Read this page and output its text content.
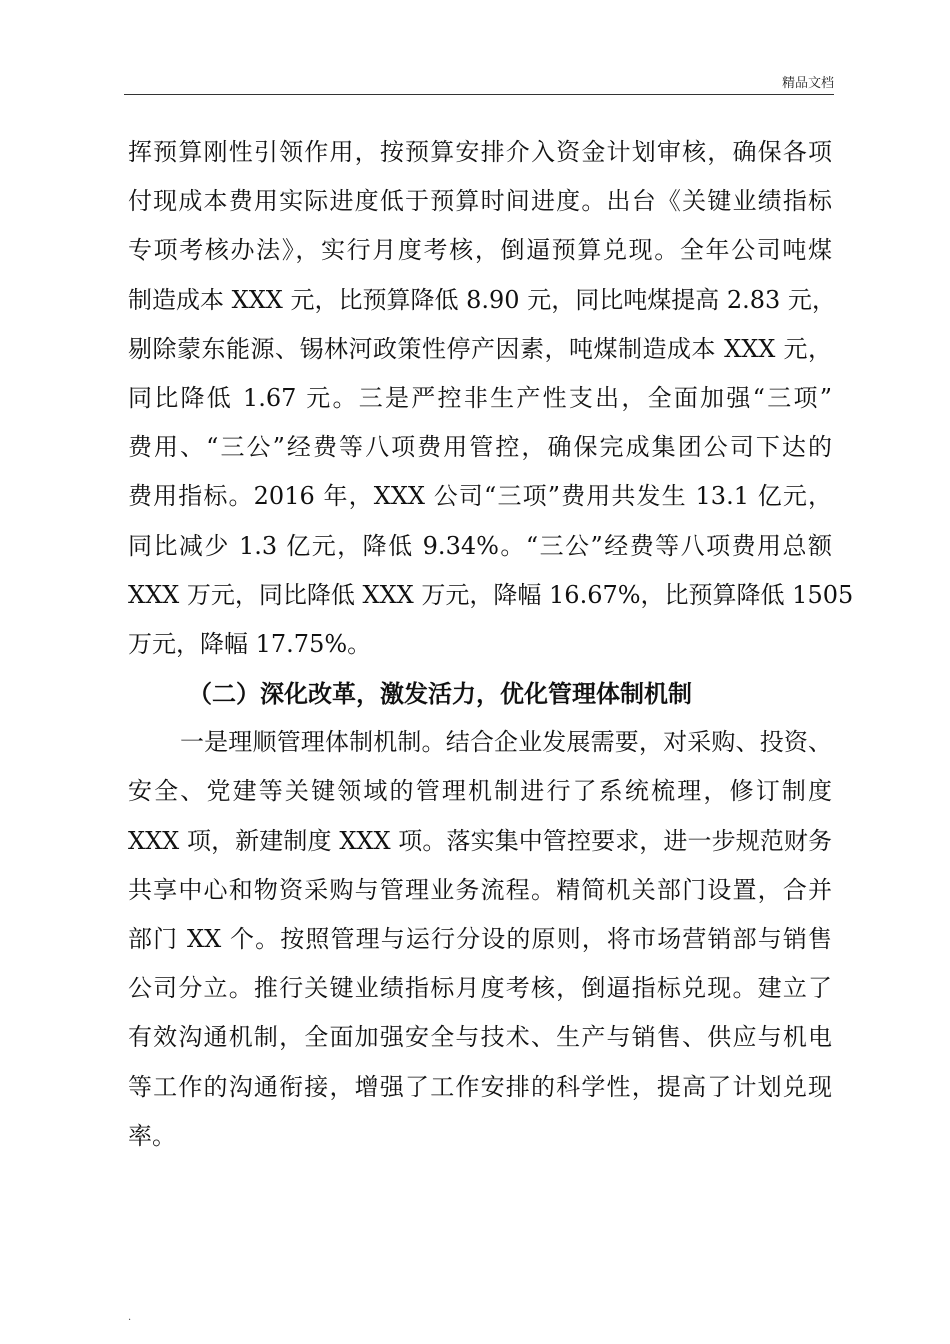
精品文档
挥预算刚性引领作用，按预算安排介入资金计划审核，确保各项
付现成本费用实际进度低于预算时间进度。出台《关键业绩指标
专项考核办法》，实行月度考核，倒逼预算兑现。全年公司吨煤
制造成本 XXX 元，比预算降低 8.90 元，同比吨煤提高 2.83 元，
剔除蒙东能源、锡林河政策性停产因素，吨煤制造成本 XXX 元，
同比降低 1.67 元。三是严控非生产性支出，全面加强“三项”
费用、“三公”经费等八项费用管控，确保完成集团公司下达的
费用指标。2016 年，XXX 公司“三项”费用共发生 13.1 亿元，
同比减少 1.3 亿元，降低 9.34%。“三公”经费等八项费用总额
XXX 万元，同比降低 XXX 万元，降幅 16.67%，比预算降低 1505
万元，降幅 17.75%。
（二）深化改革，激发活力，优化管理体制机制
一是理顺管理体制机制。结合企业发展需要，对采购、投资、
安全、党建等关键领域的管理机制进行了系统梳理，修订制度
XXX 项，新建制度 XXX 项。落实集中管控要求，进一步规范财务
共享中心和物资采购与管理业务流程。精简机关部门设置，合并
部门 XX 个。按照管理与运行分设的原则，将市场营销部与销售
公司分立。推行关键业绩指标月度考核，倒逼指标兑现。建立了
有效沟通机制，全面加强安全与技术、生产与销售、供应与机电
等工作的沟通衔接，增强了工作安排的科学性，提高了计划兑现
率。
.
